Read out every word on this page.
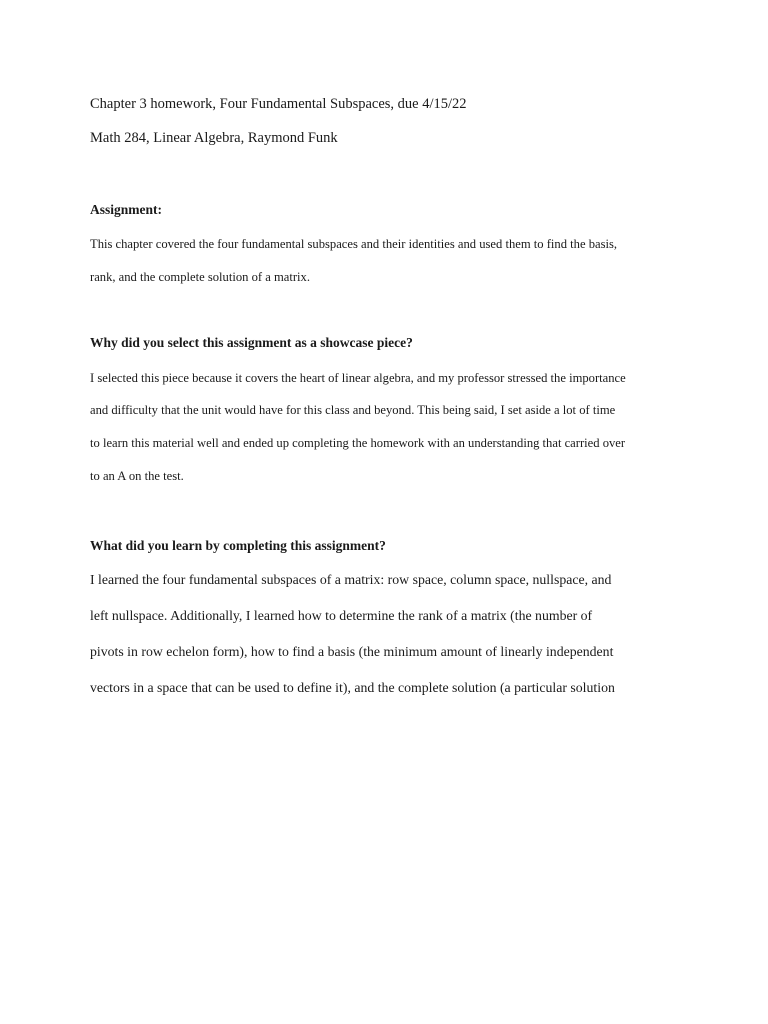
Chapter 3 homework, Four Fundamental Subspaces, due 4/15/22

Math 284, Linear Algebra, Raymond Funk

Assignment:

This chapter covered the four fundamental subspaces and their identities and used them to find the basis,

rank, and the complete solution of a matrix.

Why did you select this assignment as a showcase piece?

I selected this piece because it covers the heart of linear algebra, and my professor stressed the importance

and difficulty that the unit would have for this class and beyond. This being said, I set aside a lot of time

to learn this material well and ended up completing the homework with an understanding that carried over

to an A on the test.

What did you learn by completing this assignment?

I learned the four fundamental subspaces of a matrix: row space, column space, nullspace, and

left nullspace. Additionally, I learned how to determine the rank of a matrix (the number of

pivots in row echelon form), how to find a basis (the minimum amount of linearly independent

vectors in a space that can be used to define it), and the complete solution (a particular solution
